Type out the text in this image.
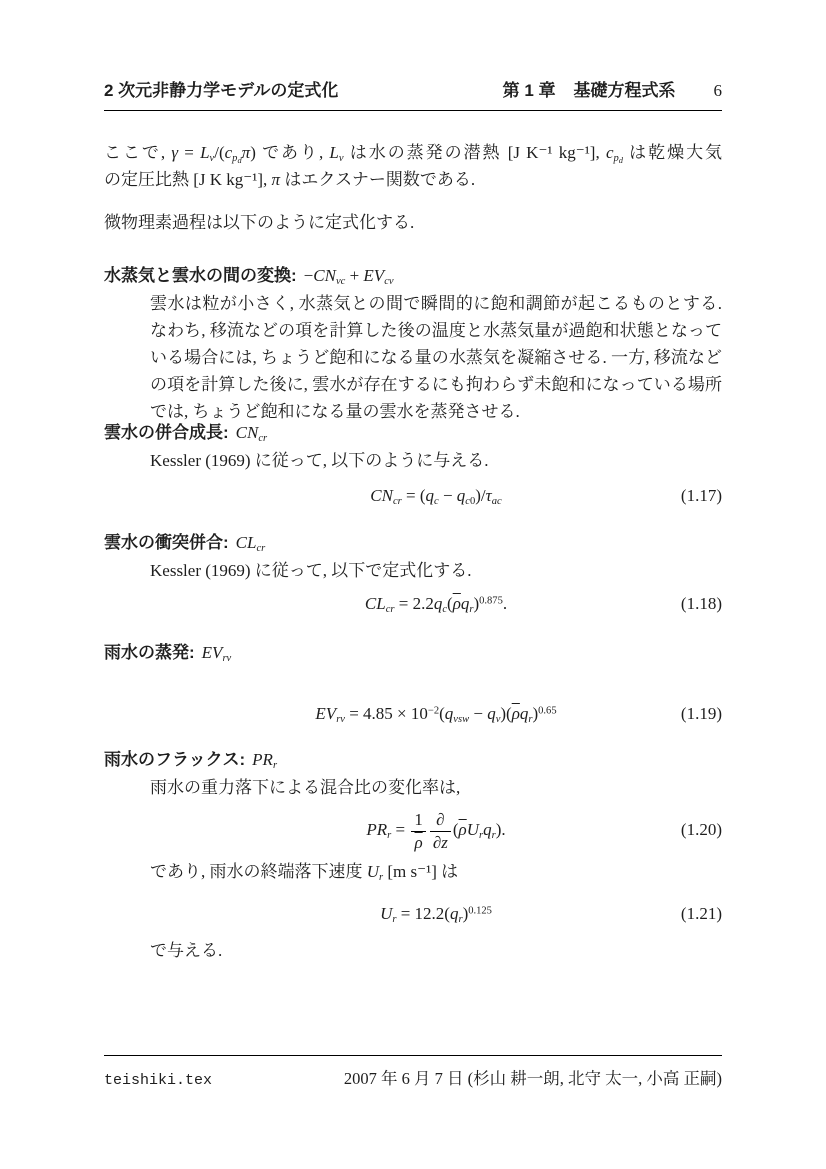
2 次元非静力学モデルの定式化	第 1 章 基礎方程式系 6
ここで, $\gamma = L_v/(c_{p_d}\pi)$ であり, $L_v$ は水の蒸発の潜熱 [J K⁻¹ kg⁻¹], $c_{p_d}$ は乾燥大気
の定圧比熱 [J K kg⁻¹], π はエクスナー関数である.
微物理素過程は以下のように定式化する.
水蒸気と雲水の間の変換: $-CN_{vc} + EV_{cv}$
雲水は粒が小さく, 水蒸気との間で瞬間的に飽和調節が起こるものとする.
なわち, 移流などの項を計算した後の温度と水蒸気量が過飽和状態となって
いる場合には, ちょうど飽和になる量の水蒸気を凝縮させる. 一方, 移流など
の項を計算した後に, 雲水が存在するにも拘わらず未飽和になっている場所
では, ちょうど飽和になる量の雲水を蒸発させる.
雲水の併合成長: $CN_{cr}$
Kessler (1969) に従って, 以下のように与える.
$CN_{cr} = (q_c - q_{c0})/\tau_{ac}$	(1.17)
雲水の衝突併合: $CL_{cr}$
Kessler (1969) に従って, 以下で定式化する.
$CL_{cr} = 2.2q_c(\overline{\rho}q_r)^{0.875}$.	(1.18)
雨水の蒸発: $EV_{rv}$
$EV_{rv} = 4.85 \times 10^{-2}(q_{vsw} - q_v)(\overline{\rho}q_r)^{0.65}$	(1.19)
雨水のフラックス: $PR_r$
雨水の重力落下による混合比の変化率は,
$PR_r = \frac{1}{\rho} \frac{\partial}{\partial z} (\overline{\rho}U_rq_r)$.	(1.20)
であり, 雨水の終端落下速度 $U_r$ [m s⁻¹] は
$U_r = 12.2(q_r)^{0.125}$	(1.21)
で与える.
teishiki.tex	2007 年 6 月 7 日 (杉山 耕一朗, 北守 太一, 小高 正嗣)
